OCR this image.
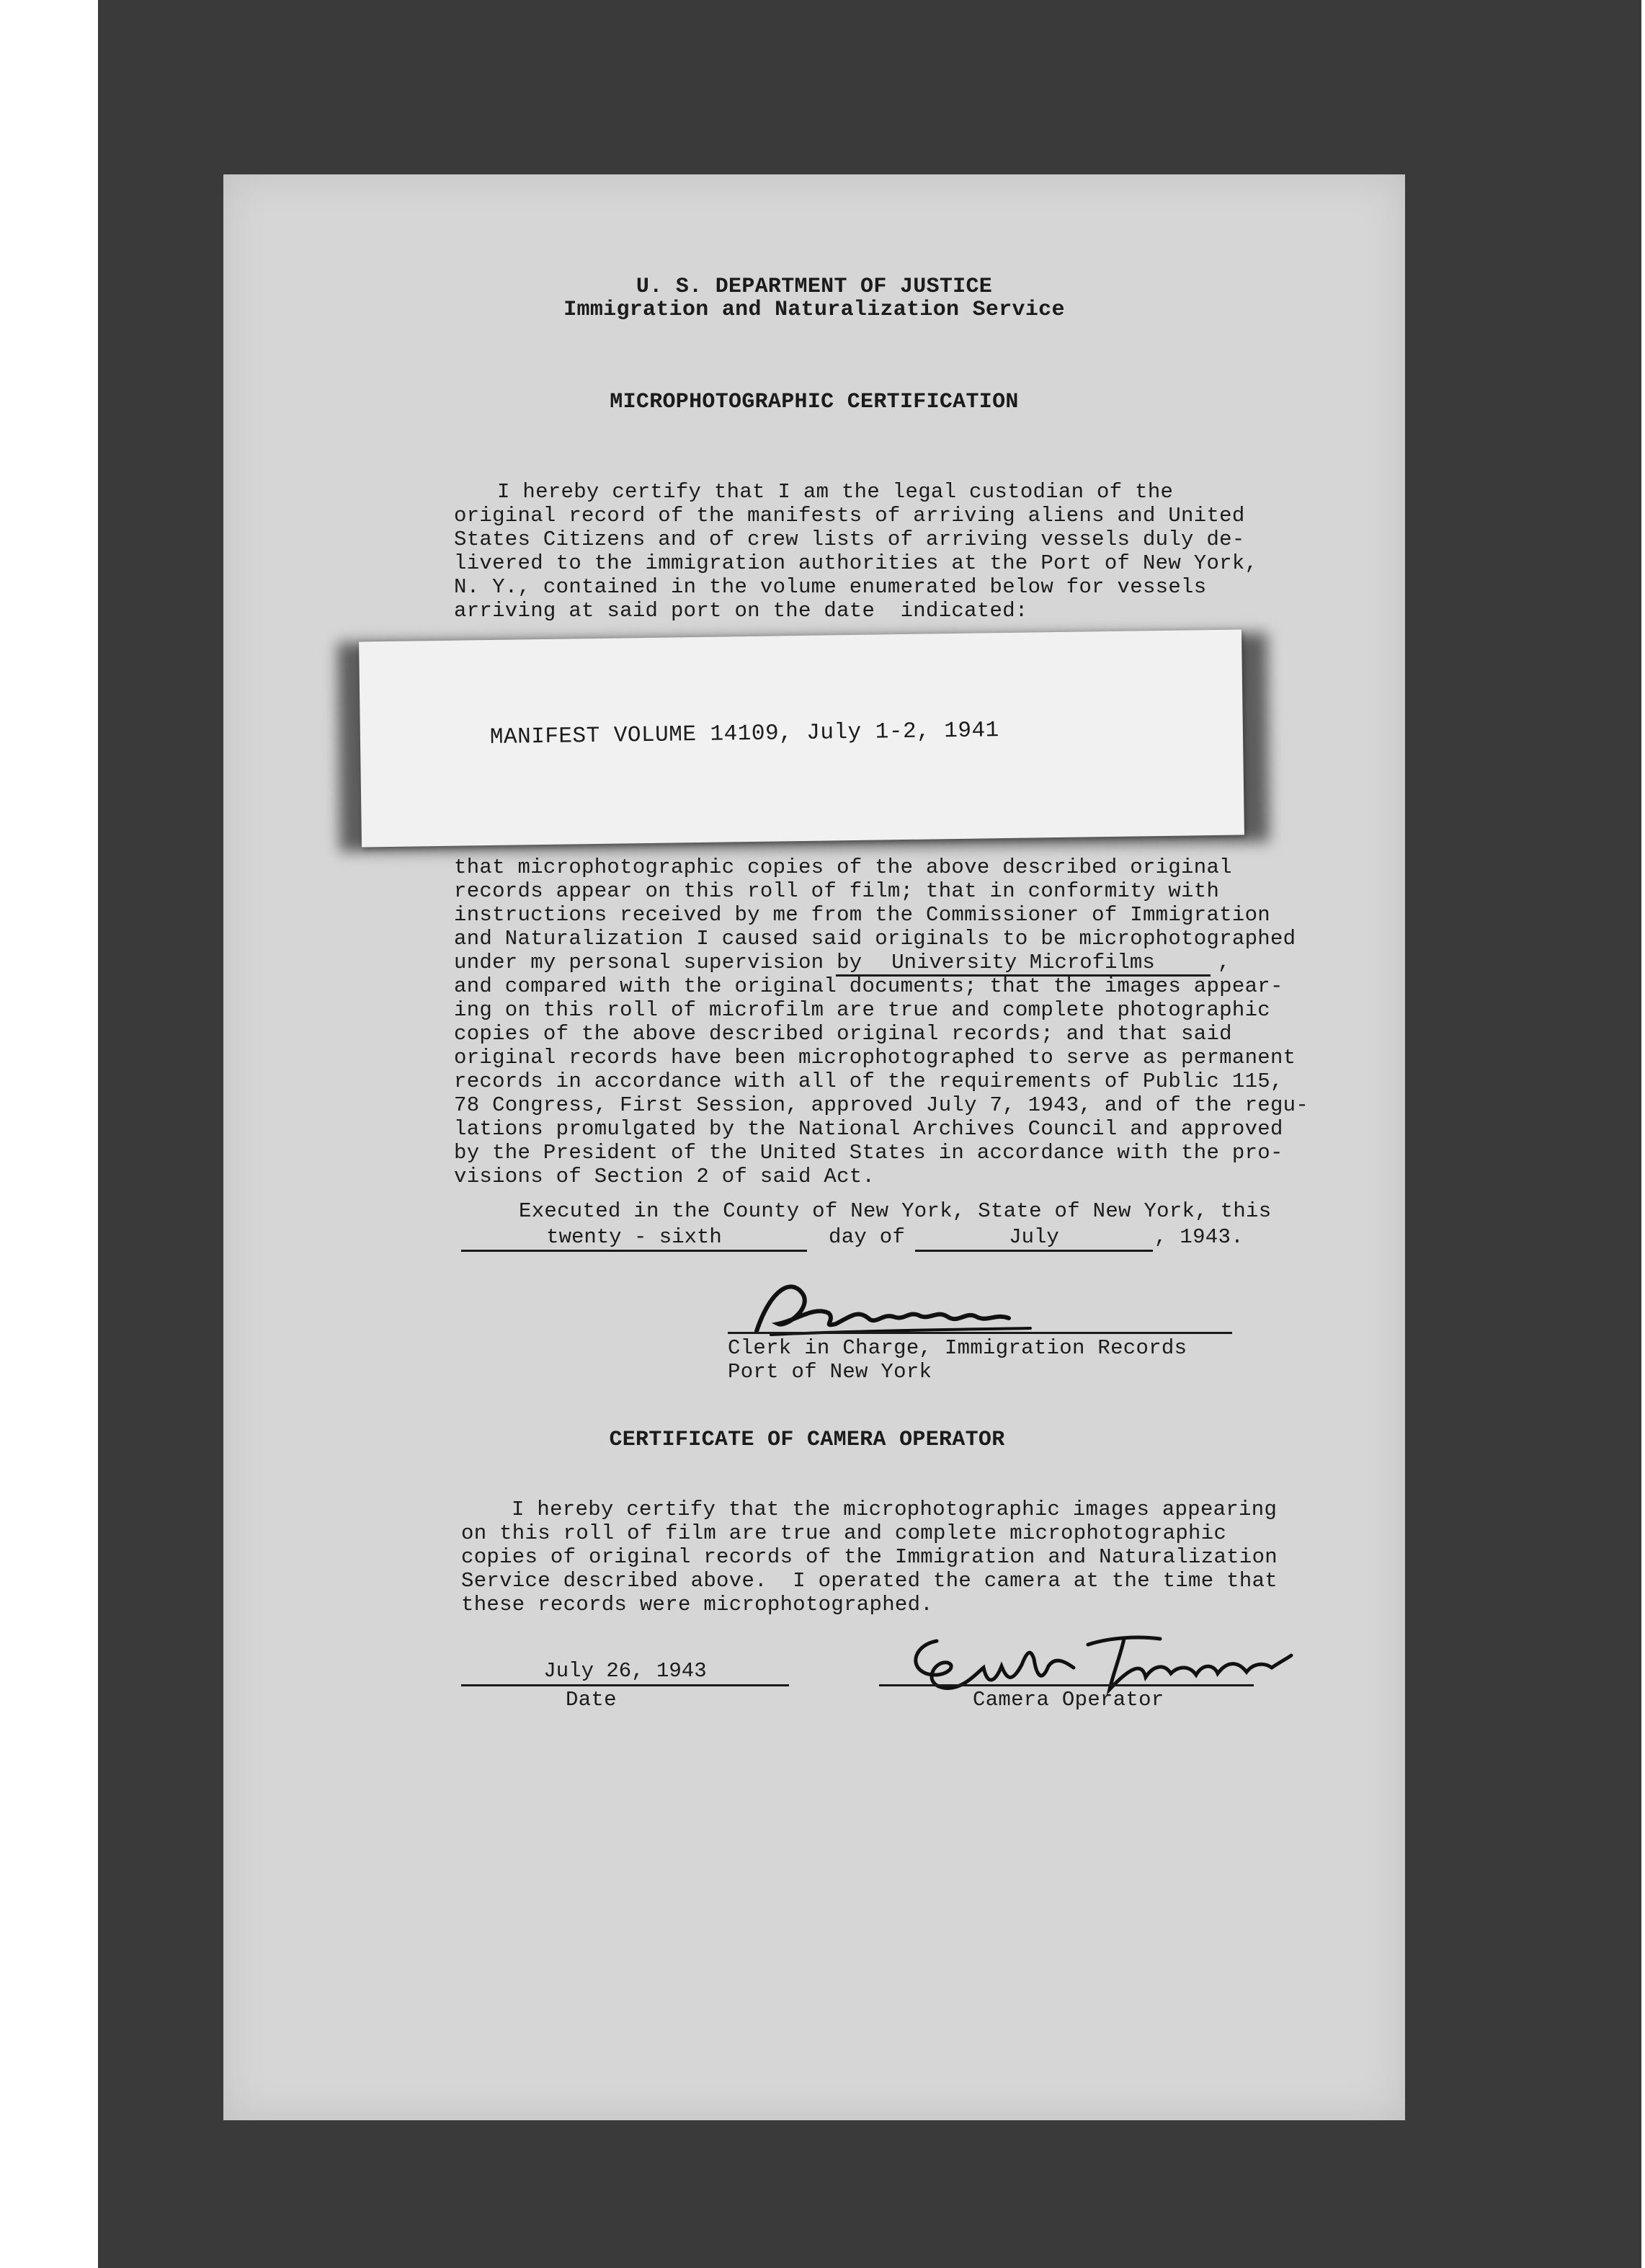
U. S. DEPARTMENT OF JUSTICE
Immigration and Naturalization Service
MICROPHOTOGRAPHIC CERTIFICATION
I hereby certify that I am the legal custodian of the
original record of the manifests of arriving aliens and United
States Citizens and of crew lists of arriving vessels duly de-
livered to the immigration authorities at the Port of New York,
N. Y., contained in the volume enumerated below for vessels
arriving at said port on the date  indicated:
MANIFEST VOLUME 14109, July 1-2, 1941
that microphotographic copies of the above described original
records appear on this roll of film; that in conformity with
instructions received by me from the Commissioner of Immigration
and Naturalization I caused said originals to be microphotographed
under my personal supervision by	University Microfilms	,
and compared with the original documents; that the images appear-
ing on this roll of microfilm are true and complete photographic
copies of the above described original records; and that said
original records have been microphotographed to serve as permanent
records in accordance with all of the requirements of Public 115,
78 Congress, First Session, approved July 7, 1943, and of the regu-
lations promulgated by the National Archives Council and approved
by the President of the United States in accordance with the pro-
visions of Section 2 of said Act.
Executed in the County of New York, State of New York, this
twenty - sixth	day of	July	, 1943.
Clerk in Charge, Immigration Records
Port of New York
CERTIFICATE OF CAMERA OPERATOR
I hereby certify that the microphotographic images appearing
on this roll of film are true and complete microphotographic
copies of original records of the Immigration and Naturalization
Service described above.  I operated the camera at the time that
these records were microphotographed.
July 26, 1943
Date	Camera Operator
